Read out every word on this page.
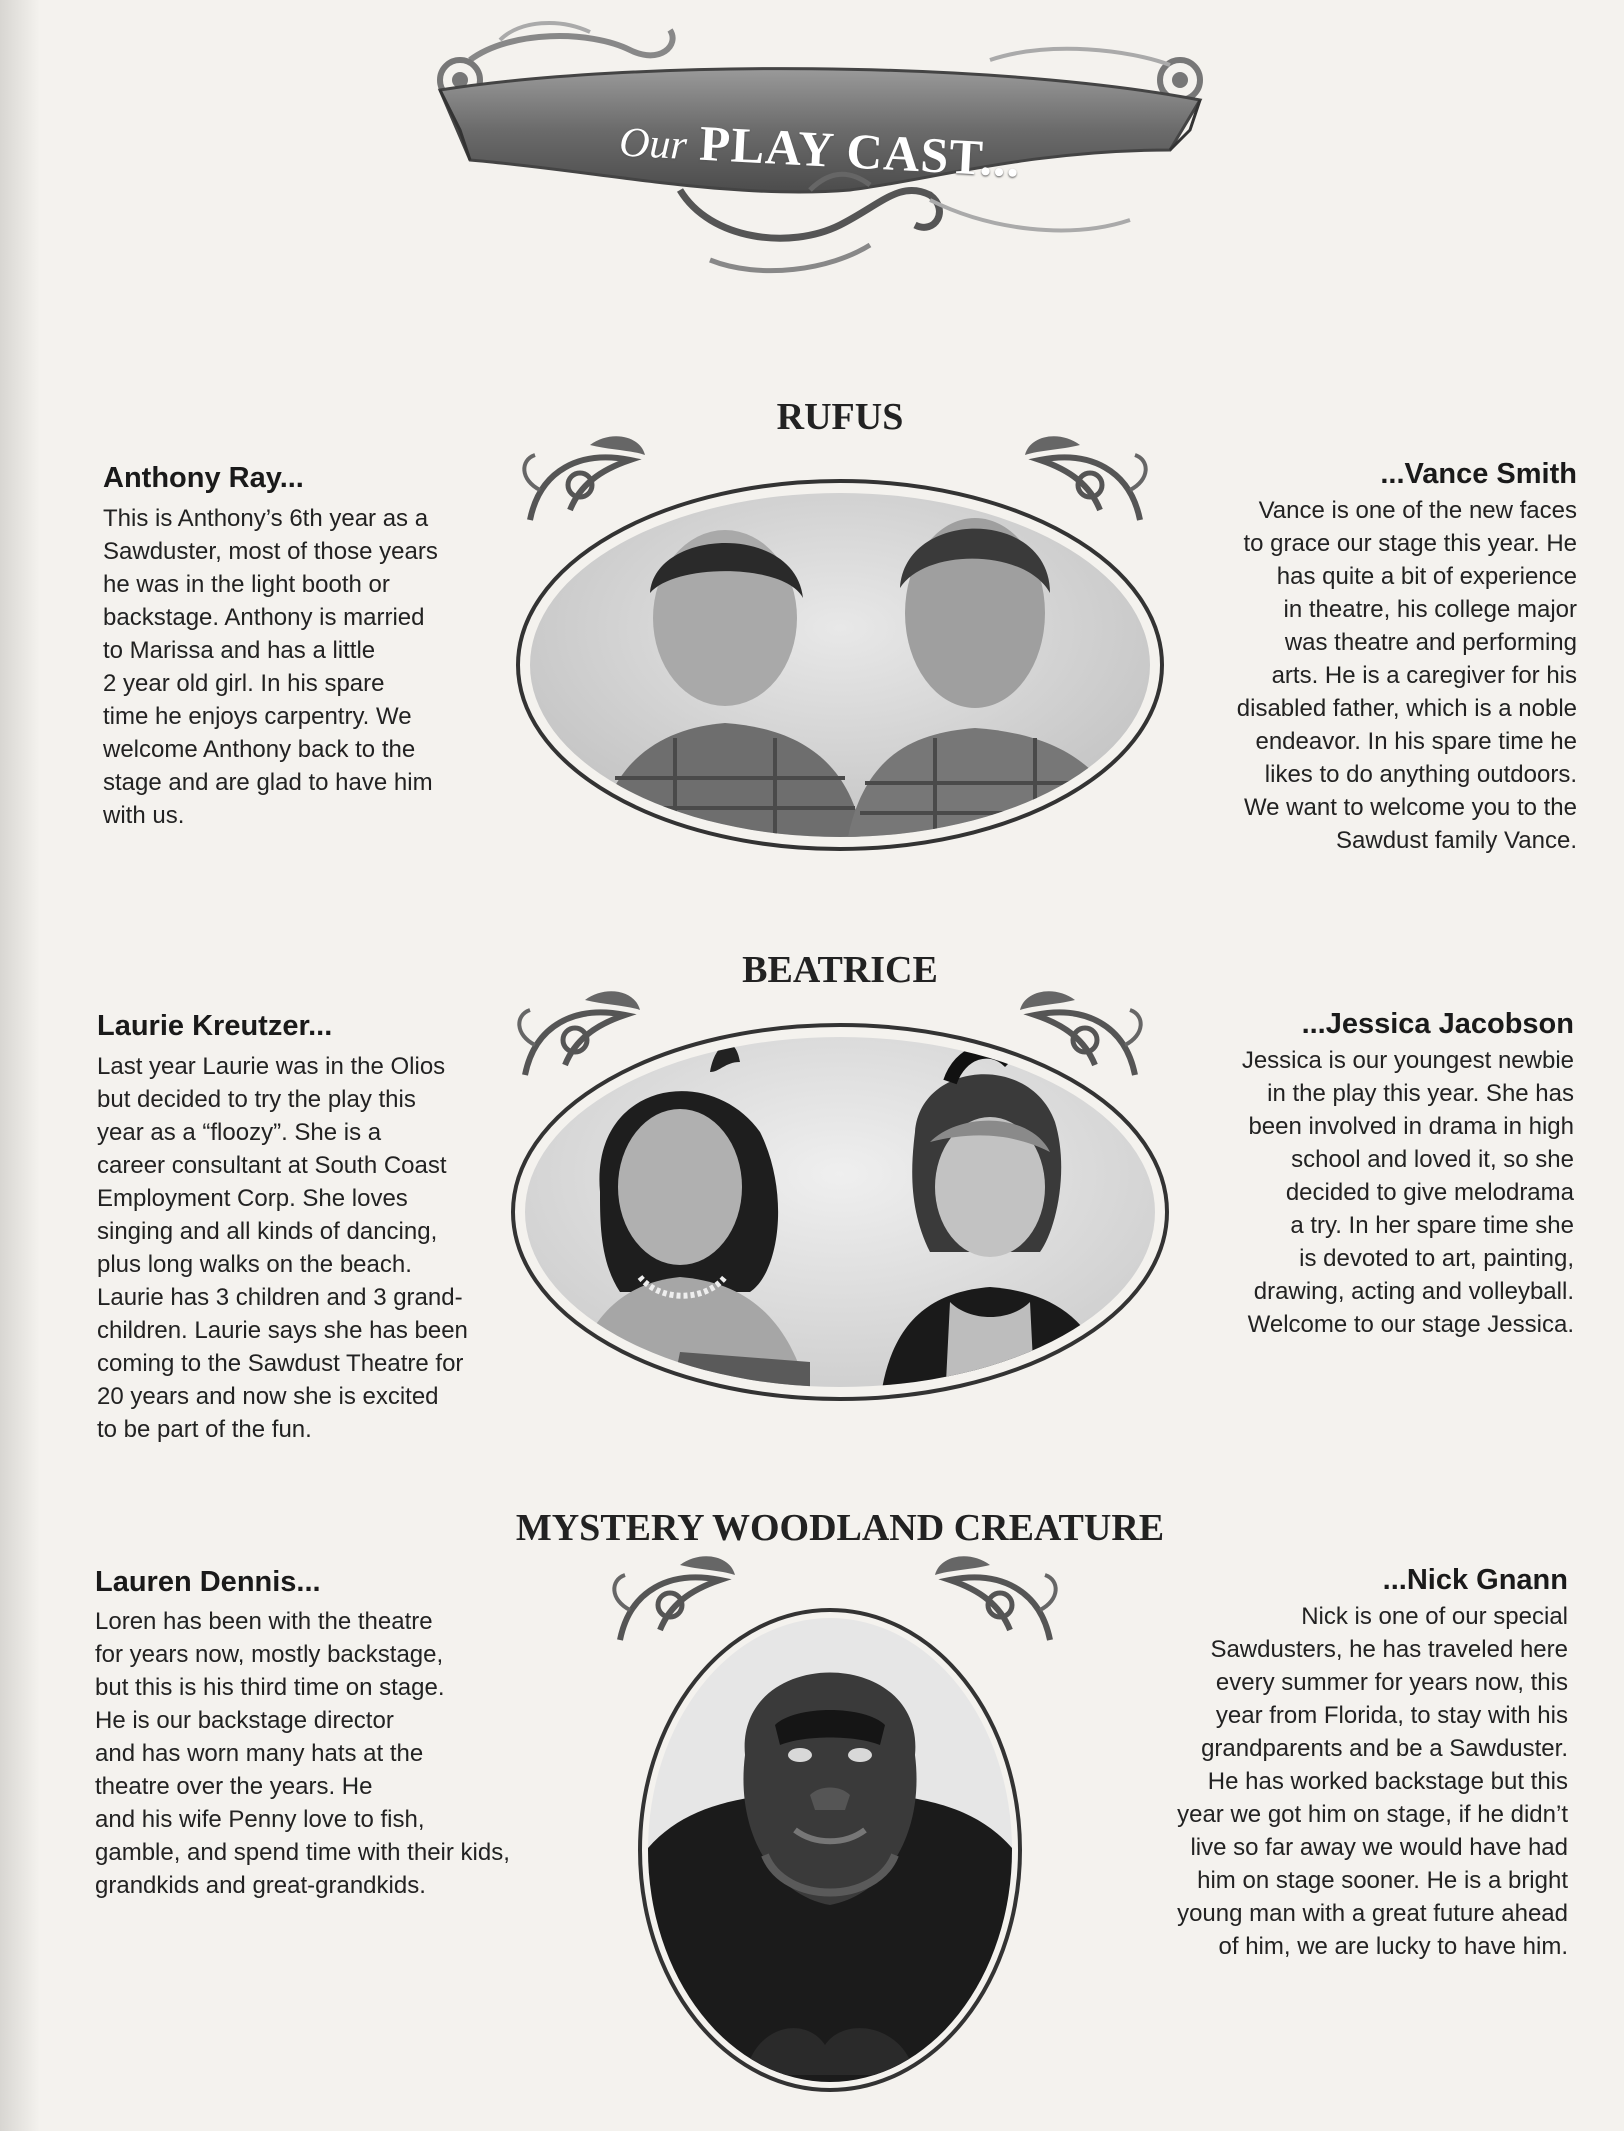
Our PLAY CAST...
RUFUS
Anthony Ray...
This is Anthony’s 6th year as a
Sawduster, most of those years
he was in the light booth or
backstage. Anthony is married
to Marissa and has a little
2 year old girl. In his spare
time he enjoys carpentry. We
welcome Anthony back to the
stage and are glad to have him
with us.
...Vance Smith
Vance is one of the new faces
to grace our stage this year. He
has quite a bit of experience
in theatre, his college major
was theatre and performing
arts. He is a caregiver for his
disabled father, which is a noble
endeavor. In his spare time he
likes to do anything outdoors.
We want to welcome you to the
Sawdust family Vance.
BEATRICE
Laurie Kreutzer...
Last year Laurie was in the Olios
but decided to try the play this
year as a “floozy”. She is a
career consultant at South Coast
Employment Corp. She loves
singing and all kinds of dancing,
plus long walks on the beach.
Laurie has 3 children and 3 grand-
children. Laurie says she has been
coming to the Sawdust Theatre for
20 years and now she is excited
to be part of the fun.
...Jessica Jacobson
Jessica is our youngest newbie
in the play this year. She has
been involved in drama in high
school and loved it, so she
decided to give melodrama
a try. In her spare time she
is devoted to art, painting,
drawing, acting and volleyball.
Welcome to our stage Jessica.
MYSTERY WOODLAND CREATURE
Lauren Dennis...
Loren has been with the theatre
for years now, mostly backstage,
but this is his third time on stage.
He is our backstage director
and has worn many hats at the
theatre over the years. He
and his wife Penny love to fish,
gamble, and spend time with their kids,
grandkids and great-grandkids.
...Nick Gnann
Nick is one of our special
Sawdusters, he has traveled here
every summer for years now, this
year from Florida, to stay with his
grandparents and be a Sawduster.
He has worked backstage but this
year we got him on stage, if he didn’t
live so far away we would have had
him on stage sooner. He is a bright
young man with a great future ahead
of him, we are lucky to have him.
